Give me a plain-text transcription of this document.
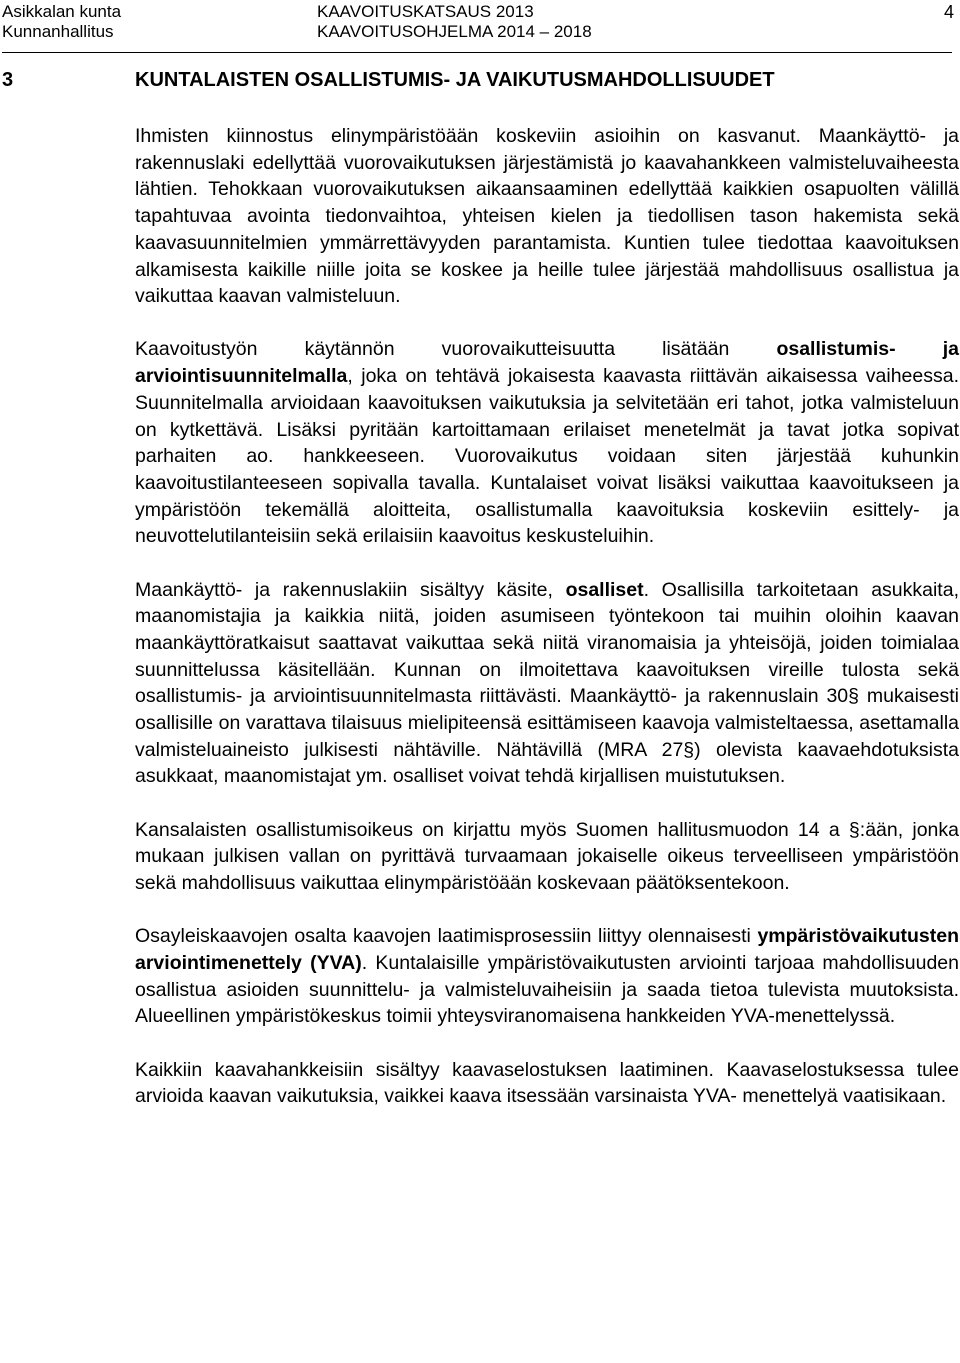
Asikkalan kunta
Kunnanhallitus
KAAVOITUSKATSAUS 2013
KAAVOITUSOHJELMA 2014 – 2018
4
3	KUNTALAISTEN OSALLISTUMIS- JA VAIKUTUSMAHDOLLISUUDET

Ihmisten kiinnostus elinympäristöään koskeviin asioihin on kasvanut. Maankäyttö- ja rakennuslaki edellyttää vuorovaikutuksen järjestämistä jo kaavahankkeen valmisteluvaiheesta lähtien. Tehokkaan vuorovaikutuksen aikaansaaminen edellyttää kaikkien osapuolten välillä tapahtuvaa avointa tiedonvaihtoa, yhteisen kielen ja tiedollisen tason hakemista sekä kaavasuunnitelmien ymmärrettävyyden parantamista. Kuntien tulee tiedottaa kaavoituksen alkamisesta kaikille niille joita se koskee ja heille tulee järjestää mahdollisuus osallistua ja vaikuttaa kaavan valmisteluun.

Kaavoitustyön käytännön vuorovaikutteisuutta lisätään osallistumis- ja arviointisuunnitelmalla, joka on tehtävä jokaisesta kaavasta riittävän aikaisessa vaiheessa. Suunnitelmalla arvioidaan kaavoituksen vaikutuksia ja selvitetään eri tahot, jotka valmisteluun on kytkettävä. Lisäksi pyritään kartoittamaan erilaiset menetelmät ja tavat jotka sopivat parhaiten ao. hankkeeseen. Vuorovaikutus voidaan siten järjestää kuhunkin kaavoitustilanteeseen sopivalla tavalla. Kuntalaiset voivat lisäksi vaikuttaa kaavoitukseen ja ympäristöön tekemällä aloitteita, osallistumalla kaavoituksia koskeviin esittely- ja neuvottelutilanteisiin sekä erilaisiin kaavoitus keskusteluihin.

Maankäyttö- ja rakennuslakiin sisältyy käsite, osalliset. Osallisilla tarkoitetaan asukkaita, maanomistajia ja kaikkia niitä, joiden asumiseen työntekoon tai muihin oloihin kaavan maankäyttöratkaisut saattavat vaikuttaa sekä niitä viranomaisia ja yhteisöjä, joiden toimialaa suunnittelussa käsitellään. Kunnan on ilmoitettava kaavoituksen vireille tulosta sekä osallistumis- ja arviointisuunnitelmasta riittävästi. Maankäyttö- ja rakennuslain 30§ mukaisesti osallisille on varattava tilaisuus mielipiteensä esittämiseen kaavoja valmisteltaessa, asettamalla valmisteluaineisto julkisesti nähtäville. Nähtävillä (MRA 27§) olevista kaavaehdotuksista asukkaat, maanomistajat ym. osalliset voivat tehdä kirjallisen muistutuksen.

Kansalaisten osallistumisoikeus on kirjattu myös Suomen hallitusmuodon 14 a §:ään, jonka mukaan julkisen vallan on pyrittävä turvaamaan jokaiselle oikeus terveelliseen ympäristöön sekä mahdollisuus vaikuttaa elinympäristöään koskevaan päätöksentekoon.

Osayleiskaavojen osalta kaavojen laatimisprosessiin liittyy olennaisesti ympäristövaikutusten arviointimenettely (YVA). Kuntalaisille ympäristövaikutusten arviointi tarjoaa mahdollisuuden osallistua asioiden suunnittelu- ja valmisteluvaiheisiin ja saada tietoa tulevista muutoksista. Alueellinen ympäristökeskus toimii yhteysviranomaisena hankkeiden YVA-menettelyssä.

Kaikkiin kaavahankkeisiin sisältyy kaavaselostuksen laatiminen. Kaavaselostuksessa tulee arvioida kaavan vaikutuksia, vaikkei kaava itsessään varsinaista YVA- menettelyä vaatisikaan.
